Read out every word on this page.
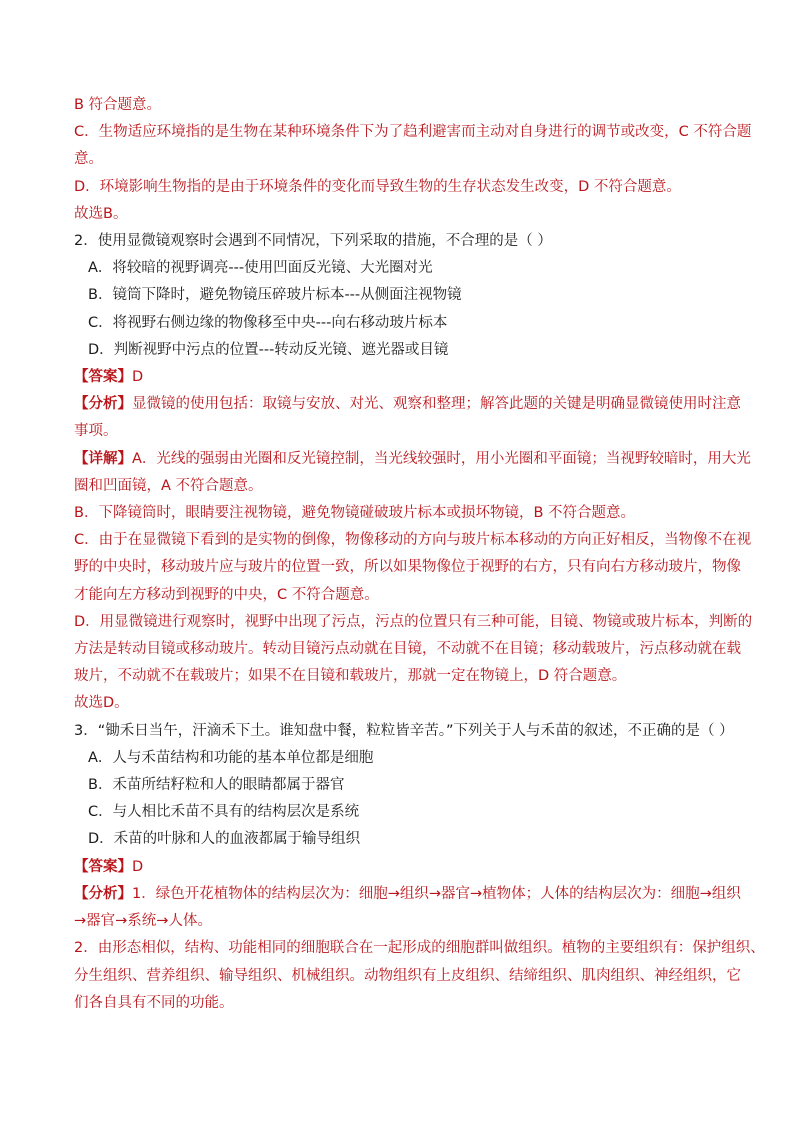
B 符合题意。
C．生物适应环境指的是生物在某种环境条件下为了趋利避害而主动对自身进行的调节或改变，C 不符合题
意。
D．环境影响生物指的是由于环境条件的变化而导致生物的生存状态发生改变，D 不符合题意。
故选B。
2．使用显微镜观察时会遇到不同情况，下列采取的措施，不合理的是（ ）
A．将较暗的视野调亮---使用凹面反光镜、大光圈对光
B．镜筒下降时，避免物镜压碎玻片标本---从侧面注视物镜
C．将视野右侧边缘的物像移至中央---向右移动玻片标本
D．判断视野中污点的位置---转动反光镜、遮光器或目镜
【答案】D
【分析】显微镜的使用包括：取镜与安放、对光、观察和整理；解答此题的关键是明确显微镜使用时注意
事项。
【详解】A．光线的强弱由光圈和反光镜控制，当光线较强时，用小光圈和平面镜；当视野较暗时，用大光
圈和凹面镜，A 不符合题意。
B．下降镜筒时，眼睛要注视物镜，避免物镜碰破玻片标本或损坏物镜，B 不符合题意。
C．由于在显微镜下看到的是实物的倒像，物像移动的方向与玻片标本移动的方向正好相反，当物像不在视
野的中央时，移动玻片应与玻片的位置一致，所以如果物像位于视野的右方，只有向右方移动玻片，物像
才能向左方移动到视野的中央，C 不符合题意。
D．用显微镜进行观察时，视野中出现了污点，污点的位置只有三种可能，目镜、物镜或玻片标本，判断的
方法是转动目镜或移动玻片。转动目镜污点动就在目镜，不动就不在目镜；移动载玻片，污点移动就在载
玻片，不动就不在载玻片；如果不在目镜和载玻片，那就一定在物镜上，D 符合题意。
故选D。
3．“锄禾日当午，汗滴禾下土。谁知盘中餐，粒粒皆辛苦。”下列关于人与禾苗的叙述，不正确的是（ ）
A．人与禾苗结构和功能的基本单位都是细胞
B．禾苗所结籽粒和人的眼睛都属于器官
C．与人相比禾苗不具有的结构层次是系统
D．禾苗的叶脉和人的血液都属于输导组织
【答案】D
【分析】1．绿色开花植物体的结构层次为：细胞→组织→器官→植物体；人体的结构层次为：细胞→组织
→器官→系统→人体。
2．由形态相似，结构、功能相同的细胞联合在一起形成的细胞群叫做组织。植物的主要组织有：保护组织、
分生组织、营养组织、输导组织、机械组织。动物组织有上皮组织、结缔组织、肌肉组织、神经组织，它
们各自具有不同的功能。
